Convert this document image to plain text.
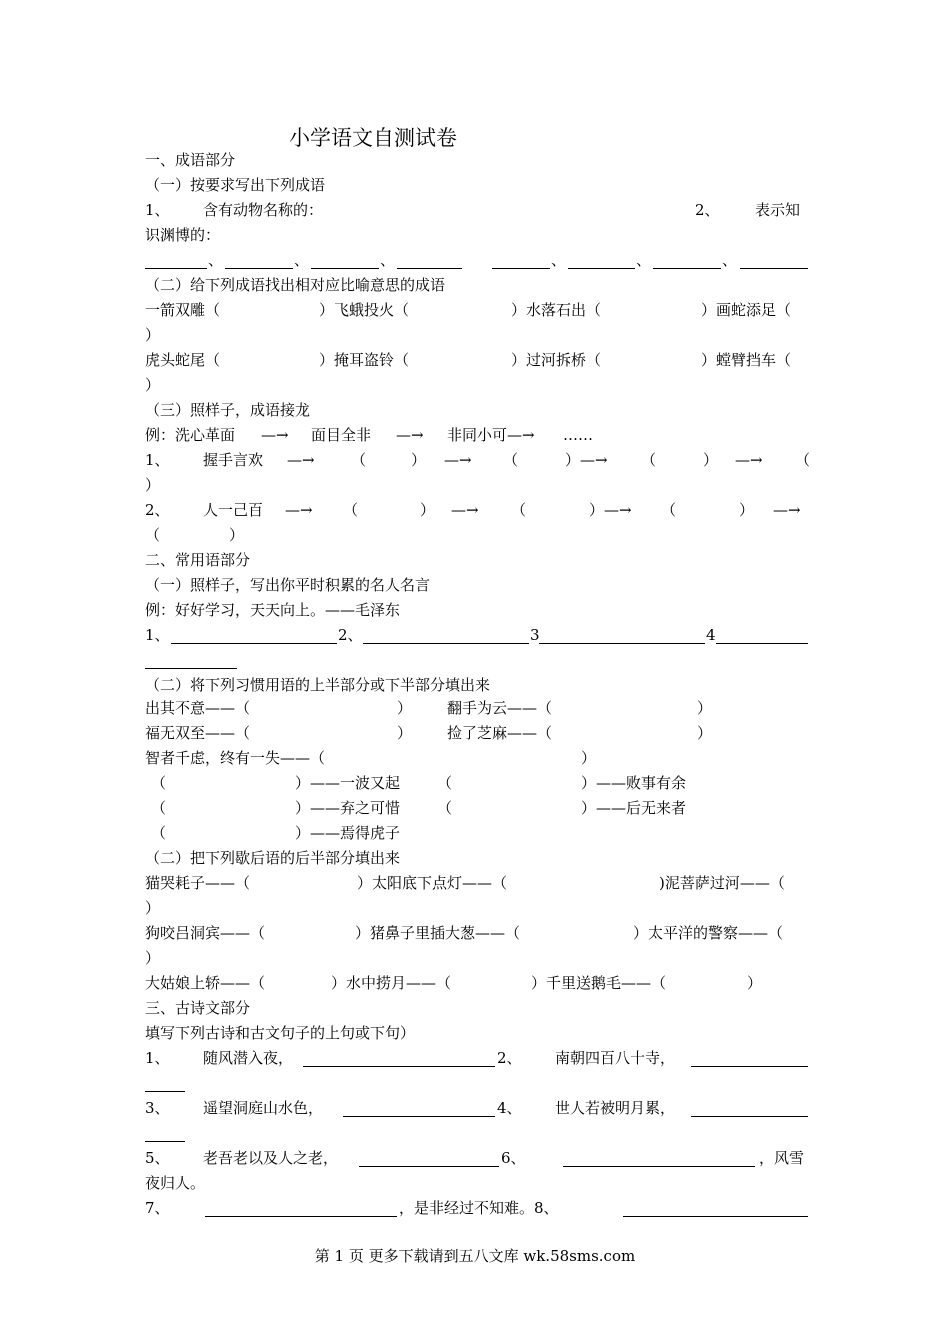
小学语文自测试卷
一、成语部分
（一）按要求写出下列成语
1、 含有动物名称的：	2、 表示知
识渊博的：
、	、	、	、	、	、
（二）给下列成语找出相对应比喻意思的成语
一箭双雕（	）飞蛾投火（	）水落石出（	）画蛇添足（
）
虎头蛇尾（	）掩耳盗铃（	）过河拆桥（	）螳臂挡车（
）
（三）照样子，成语接龙
例：洗心革面 —→ 面目全非 —→ 非同小可—→ ……
1、 握手言欢 —→ （	） —→ （	）—→ （	） —→ （
）
2、 人一己百 —→ （	） —→ （	）—→ （	） —→
（	）
二、常用语部分
（一）照样子，写出你平时积累的名人名言
例：好好学习，天天向上。——毛泽东
1、	2、	3	4
（二）将下列习惯用语的上半部分或下半部分填出来
出其不意——（	） 翻手为云——（	）
福无双至——（	） 捡了芝麻——（	）
智者千虑，终有一失——（	）
（	）——一波又起 （	）——败事有余
（	）——弃之可惜 （	）——后无来者
（	）——焉得虎子
（二）把下列歇后语的后半部分填出来
猫哭耗子——（	）太阳底下点灯——（	)泥菩萨过河——（
）
狗咬吕洞宾——（	）猪鼻子里插大葱——（	）太平洋的警察——（
）
大姑娘上轿——（	）水中捞月——（	）千里送鹅毛——（	）
三、古诗文部分
填写下列古诗和古文句子的上句或下句）
1、 随风潜入夜，	2、 南朝四百八十寺，
3、 遥望洞庭山水色，	4、 世人若被明月累，
5、 老吾老以及人之老，	6、	，风雪
夜归人。
7、	，是非经过不知难。8、
第 1 页 更多下载请到五八文库 wk.58sms.com
